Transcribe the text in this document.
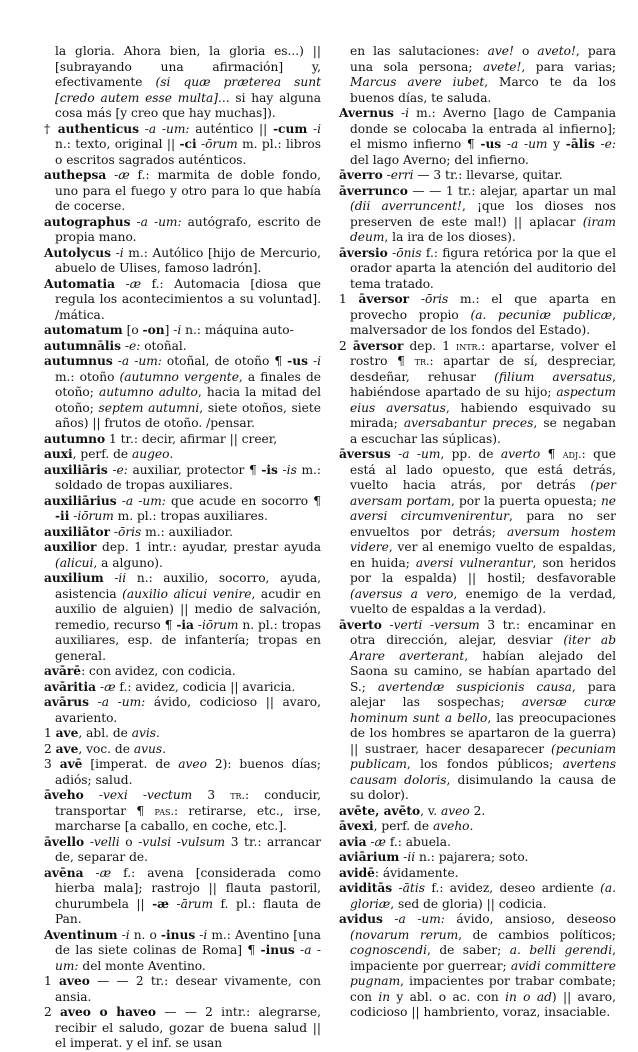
la gloria. Ahora bien, la gloria es...) || [subrayando una afirmación] y, efectivamente (si quæ præterea sunt [credo autem esse multa]... si hay alguna cosa más [y creo que hay muchas]).

† authenticus -a -um: auténtico || -cum -i n.: texto, original || -ci -ōrum m. pl.: libros o escritos sagrados auténticos.

authepsa -æ f.: marmita de doble fondo, uno para el fuego y otro para lo que había de cocerse.

autographus -a -um: autógrafo, escrito de propia mano.

Autolycus -i m.: Autólico [hijo de Mercurio, abuelo de Ulises, famoso ladrón].

Automatia -æ f.: Automacia [diosa que regula los acontecimientos a su voluntad]. /mática.

automatum [o -on] -i n.: máquina auto-

autumnālis -e: otoñal.

autumnus -a -um: otoñal, de otoño ¶ -us -i m.: otoño (autumno vergente, a finales de otoño; autumno adulto, hacia la mitad del otoño; septem autumni, siete otoños, siete años) || frutos de otoño. /pensar.

autumno 1 tr.: decir, afirmar || creer,

auxi, perf. de augeo.

auxiliāris -e: auxiliar, protector ¶ -is -is m.: soldado de tropas auxiliares.

auxiliārius -a -um: que acude en socorro ¶ -ii -iōrum m. pl.: tropas auxiliares.

auxiliātor -ōris m.: auxiliador.

auxilior dep. 1 intr.: ayudar, prestar ayuda (alicui, a alguno).

auxilium -ii n.: auxilio, socorro, ayuda, asistencia (auxilio alicui venire, acudir en auxilio de alguien) || medio de salvación, remedio, recurso ¶ -ia -iōrum n. pl.: tropas auxiliares, esp. de infantería; tropas en general.

avārē: con avidez, con codicia.

avāritia -æ f.: avidez, codicia || avaricia.

avārus -a -um: ávido, codicioso || avaro, avariento.

1 ave, abl. de avis.

2 ave, voc. de avus.

3 avē [imperat. de aveo 2): buenos días; adiós; salud.

āveho -vexi -vectum 3 tr.: conducir, transportar ¶ pas.: retirarse, etc., irse, marcharse [a caballo, en coche, etc.].

āvello -velli o -vulsi -vulsum 3 tr.: arrancar de, separar de.

avēna -æ f.: avena [considerada como hierba mala]; rastrojo || flauta pastoril, churumbela || -æ -ārum f. pl.: flauta de Pan.

Aventinum -i n. o -inus -i m.: Aventino [una de las siete colinas de Roma] ¶ -inus -a -um: del monte Aventino.

1 aveo — — 2 tr.: desear vivamente, con ansia.

2 aveo o haveo — — 2 intr.: alegrarse, recibir el saludo, gozar de buena salud || el imperat. y el inf. se usan

en las salutaciones: ave! o aveto!, para una sola persona; avete!, para varias; Marcus avere iubet, Marco te da los buenos días, te saluda.

Avernus -i m.: Averno [lago de Campania donde se colocaba la entrada al infierno]; el mismo infierno ¶ -us -a -um y -ālis -e: del lago Averno; del infierno.

āverro -erri — 3 tr.: llevarse, quitar.

āverrunco — — 1 tr.: alejar, apartar un mal (dii averruncent!, ¡que los dioses nos preserven de este mal!) || aplacar (iram deum, la ira de los dioses).

āversio -ōnis f.: figura retórica por la que el orador aparta la atención del auditorio del tema tratado.

1 āversor -ōris m.: el que aparta en provecho propio (a. pecuniæ publicæ, malversador de los fondos del Estado).

2 āversor dep. 1 intr.: apartarse, volver el rostro ¶ tr.: apartar de sí, despreciar, desdeñar, rehusar (filium aversatus, habiéndose apartado de su hijo; aspectum eius aversatus, habiendo esquivado su mirada; aversabantur preces, se negaban a escuchar las súplicas).

āversus -a -um, pp. de averto ¶ adj.: que está al lado opuesto, que está detrás, vuelto hacia atrás, por detrás (per aversam portam, por la puerta opuesta; ne aversi circumvenirentur, para no ser envueltos por detrás; aversum hostem videre, ver al enemigo vuelto de espaldas, en huida; aversi vulnerantur, son heridos por la espalda) || hostil; desfavorable (aversus a vero, enemigo de la verdad, vuelto de espaldas a la verdad).

āverto -verti -versum 3 tr.: encaminar en otra dirección, alejar, desviar (iter ab Arare averterant, habían alejado del Saona su camino, se habían apartado del S.; avertendæ suspicionis causa, para alejar las sospechas; aversæ curæ hominum sunt a bello, las preocupaciones de los hombres se apartaron de la guerra) || sustraer, hacer desaparecer (pecuniam publicam, los fondos públicos; avertens causam doloris, disimulando la causa de su dolor).

avēte, avēto, v. aveo 2.

āvexi, perf. de aveho.

avia -æ f.: abuela.

aviārium -ii n.: pajarera; soto.

avidē: ávidamente.

aviditās -ātis f.: avidez, deseo ardiente (a. gloriæ, sed de gloria) || codicia.

avidus -a -um: ávido, ansioso, deseoso (novarum rerum, de cambios políticos; cognoscendi, de saber; a. belli gerendi, impaciente por guerrear; avidi committere pugnam, impacientes por trabar combate; con in y abl. o ac. con in o ad) || avaro, codicioso || hambriento, voraz, insaciable.
